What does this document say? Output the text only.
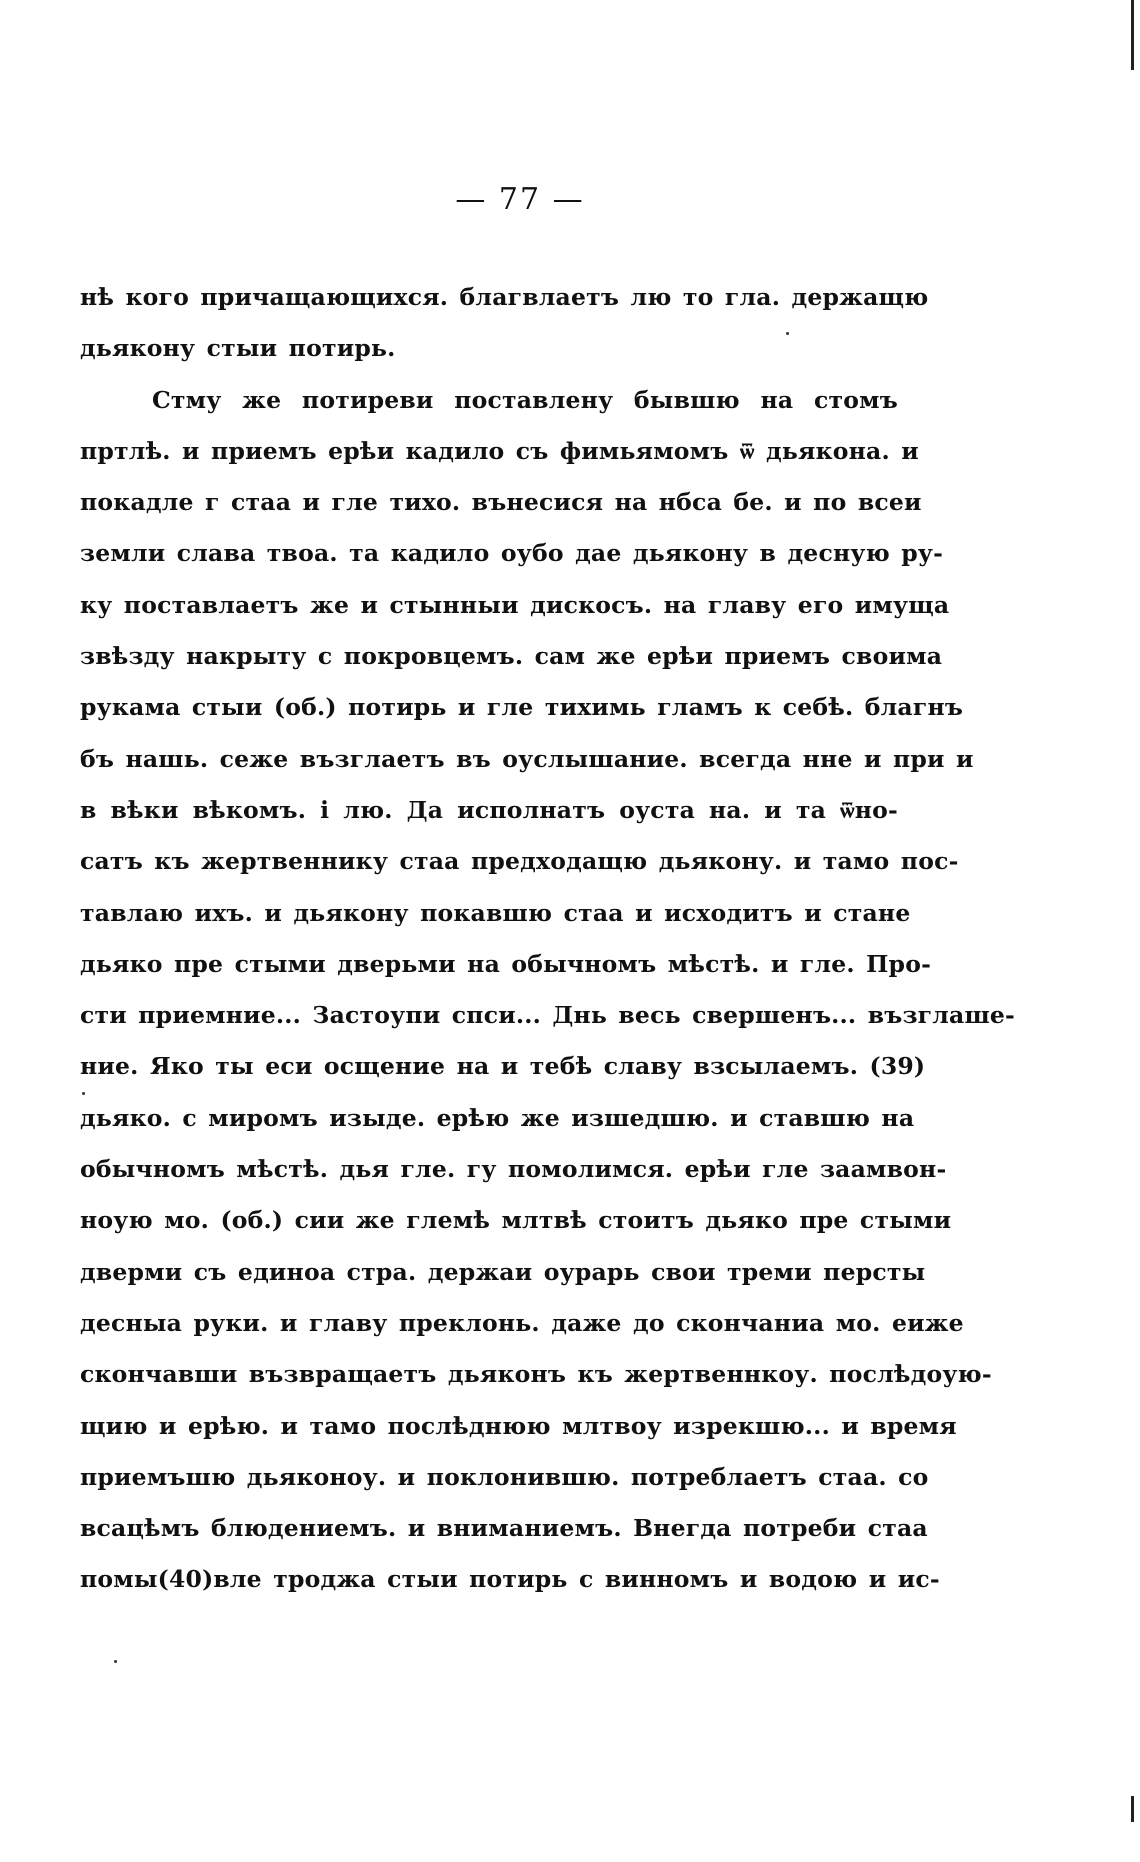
— 77 —
нѣ кого причащающихся. благвлаетъ лю то гла. держащю
дьякону стыи потирь.
Стму же потиреви поставлену бывшю на стомъ
пртлѣ. и приемъ ерѣи кадило съ фимьямомъ ѿ дьякона. и
покадле г стаа и гле тихо. вънесися на нбса бе. и по всеи
земли слава твоа. та кадило оубо дае дьякону в десную ру-
ку поставлаетъ же и стынныи дискосъ. на главу его имуща
звѣзду накрыту с покровцемъ. сам же ерѣи приемъ своима
рукама стыи (об.) потирь и гле тихимь гламъ к себѣ. благнъ
бъ нашь. сеже възглаетъ въ оуслышание. всегда нне и при и
в вѣки вѣкомъ. і лю. Да исполнатъ оуста на. и та ѿно-
сатъ къ жертвеннику стаа предходащю дьякону. и тамо пос-
тавлаю ихъ. и дьякону покавшю стаа и исходитъ и стане
дьяко пре стыми дверьми на обычномъ мѣстѣ. и гле. Про-
сти приемние... Застоупи спси... Днь весь свершенъ... възглаше-
ние. Яко ты еси осщение на и тебѣ славу взсылаемъ. (39)
дьяко. с миромъ изыде. ерѣю же изшедшю. и ставшю на
обычномъ мѣстѣ. дья гле. гу помолимся. ерѣи гле заамвон-
ноую мо. (об.) сии же глемѣ млтвѣ стоитъ дьяко пре стыми
дверми съ единоа стра. держаи оурарь свои треми персты
десныа руки. и главу преклонь. даже до скончаниа мо. еиже
скончавши възвращаетъ дьяконъ къ жертвеннкоу. послѣдоую-
щию и ерѣю. и тамо послѣднюю млтвоу изрекшю... и время
приемъшю дьяконоу. и поклонившю. потреблаетъ стаа. со
всацѣмъ блюдениемъ. и вниманиемъ. Внегда потреби стаа
помы(40)вле троджа стыи потирь с винномъ и водою и ис-
